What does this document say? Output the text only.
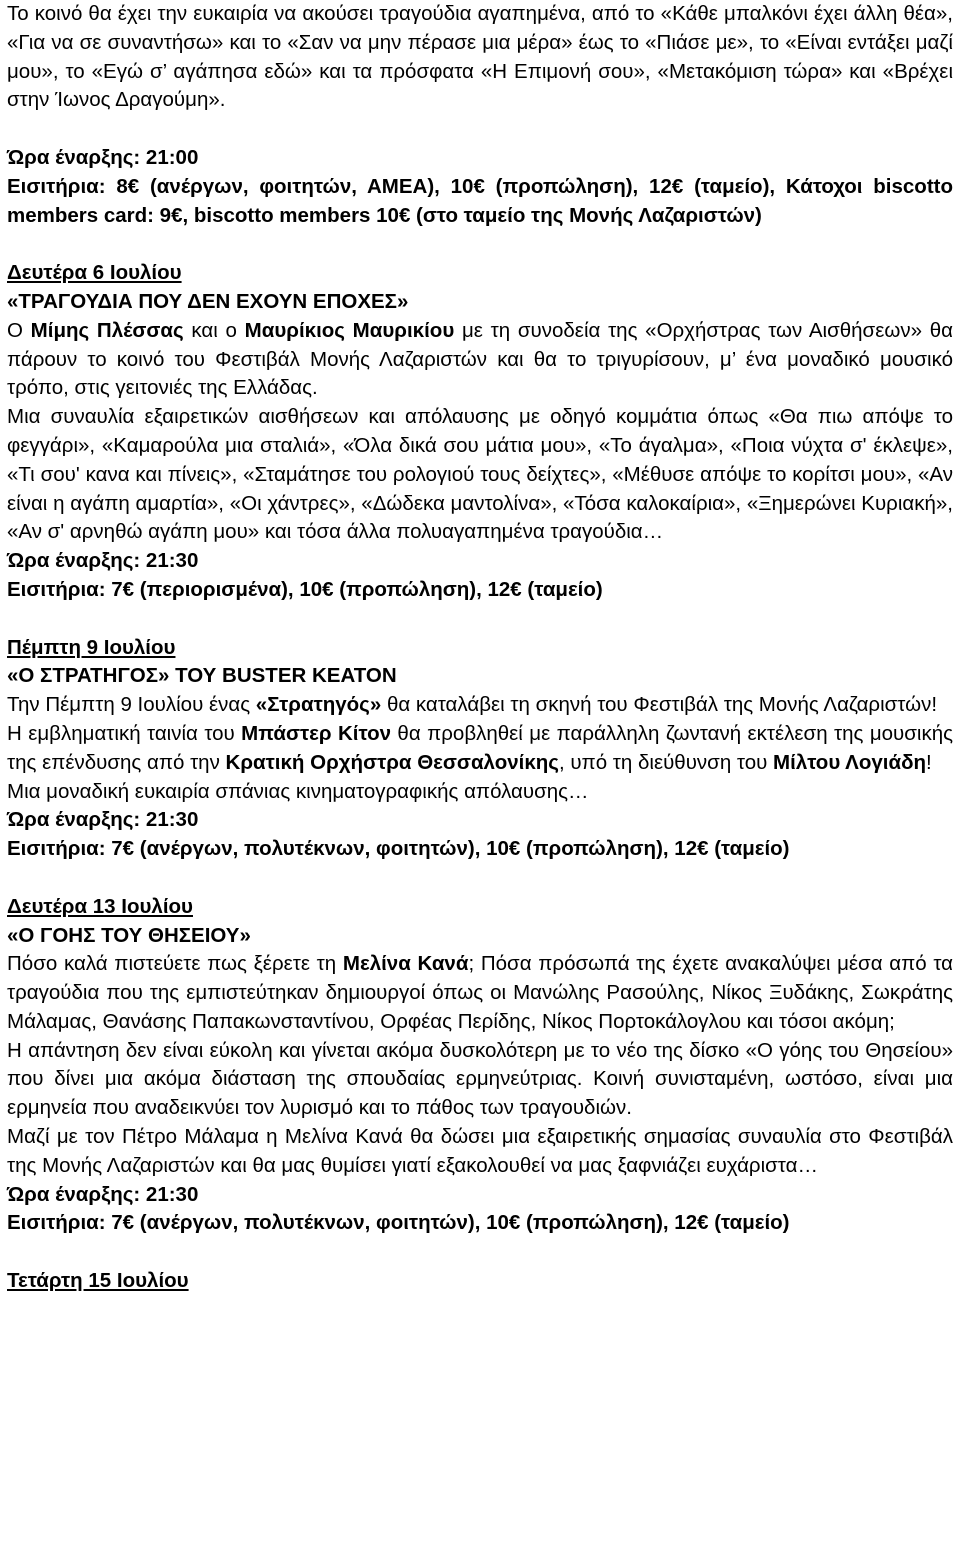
Το κοινό θα έχει την ευκαιρία να ακούσει τραγούδια αγαπημένα, από το «Κάθε μπαλκόνι έχει άλλη θέα», «Για να σε συναντήσω» και το «Σαν να μην πέρασε μια μέρα» έως το «Πιάσε με», το «Είναι εντάξει μαζί μου», το «Εγώ σ’ αγάπησα εδώ» και τα πρόσφατα «Η Επιμονή σου», «Μετακόμιση τώρα» και «Βρέχει στην Ίωνος Δραγούμη».

Ώρα έναρξης: 21:00

Εισιτήρια: 8€ (ανέργων, φοιτητών, ΑΜΕΑ), 10€ (προπώληση), 12€ (ταμείο), Κάτοχοι biscotto members card: 9€, biscotto members 10€ (στο ταμείο της Μονής Λαζαριστών)

Δευτέρα 6 Ιουλίου

«ΤΡΑΓΟΥΔΙΑ ΠΟΥ ΔΕΝ ΕΧΟΥΝ ΕΠΟΧΕΣ»

Ο Μίμης Πλέσσας και ο Μαυρίκιος Μαυρικίου με τη συνοδεία της «Ορχήστρας των Αισθήσεων» θα πάρουν το κοινό του Φεστιβάλ Μονής Λαζαριστών και θα το τριγυρίσουν, μ’ ένα μοναδικό μουσικό τρόπο, στις γειτονιές της Ελλάδας.

Μια συναυλία εξαιρετικών αισθήσεων και απόλαυσης με οδηγό κομμάτια όπως «Θα πιω απόψε το φεγγάρι», «Καμαρούλα μια σταλιά», «Όλα δικά σου μάτια μου», «Το άγαλμα», «Ποια νύχτα σ' έκλεψε», «Τι σου' κανα και πίνεις», «Σταμάτησε του ρολογιού τους δείχτες», «Μέθυσε απόψε το κορίτσι μου», «Αν είναι η αγάπη αμαρτία», «Οι χάντρες», «Δώδεκα μαντολίνα», «Τόσα καλοκαίρια», «Ξημερώνει Κυριακή», «Αν σ' αρνηθώ αγάπη μου» και τόσα άλλα πολυαγαπημένα τραγούδια…

Ώρα έναρξης: 21:30

Εισιτήρια: 7€ (περιορισμένα), 10€ (προπώληση), 12€ (ταμείο)

Πέμπτη 9 Ιουλίου

«Ο ΣΤΡΑΤΗΓΟΣ» ΤΟΥ BUSTER KEATON

Την Πέμπτη 9 Ιουλίου ένας «Στρατηγός» θα καταλάβει τη σκηνή του Φεστιβάλ της Μονής Λαζαριστών!

Η εμβληματική ταινία του Μπάστερ Κίτον θα προβληθεί με παράλληλη ζωντανή εκτέλεση της μουσικής της επένδυσης από την Κρατική Ορχήστρα Θεσσαλονίκης, υπό τη διεύθυνση του Μίλτου Λογιάδη!

Μια μοναδική ευκαιρία σπάνιας κινηματογραφικής απόλαυσης…

Ώρα έναρξης: 21:30

Εισιτήρια: 7€ (ανέργων, πολυτέκνων, φοιτητών), 10€ (προπώληση), 12€ (ταμείο)

Δευτέρα 13 Ιουλίου

«Ο ΓΟΗΣ ΤΟΥ ΘΗΣΕΙΟΥ»

Πόσο καλά πιστεύετε πως ξέρετε τη Μελίνα Κανά; Πόσα πρόσωπά της έχετε ανακαλύψει μέσα από τα τραγούδια που της εμπιστεύτηκαν δημιουργοί όπως οι Μανώλης Ρασούλης, Νίκος Ξυδάκης, Σωκράτης Μάλαμας, Θανάσης Παπακωνσταντίνου, Ορφέας Περίδης, Νίκος Πορτοκάλογλου και τόσοι ακόμη;

Η απάντηση δεν είναι εύκολη και γίνεται ακόμα δυσκολότερη με το νέο της δίσκο «Ο γόης του Θησείου» που δίνει μια ακόμα διάσταση της σπουδαίας ερμηνεύτριας. Κοινή συνισταμένη, ωστόσο, είναι μια ερμηνεία που αναδεικνύει τον λυρισμό και το πάθος των τραγουδιών.

Μαζί με τον Πέτρο Μάλαμα η Μελίνα Κανά θα δώσει μια εξαιρετικής σημασίας συναυλία στο Φεστιβάλ της Μονής Λαζαριστών και θα μας θυμίσει γιατί εξακολουθεί να μας ξαφνιάζει ευχάριστα…

Ώρα έναρξης: 21:30

Εισιτήρια: 7€ (ανέργων, πολυτέκνων, φοιτητών), 10€ (προπώληση), 12€ (ταμείο)

Τετάρτη 15 Ιουλίου
